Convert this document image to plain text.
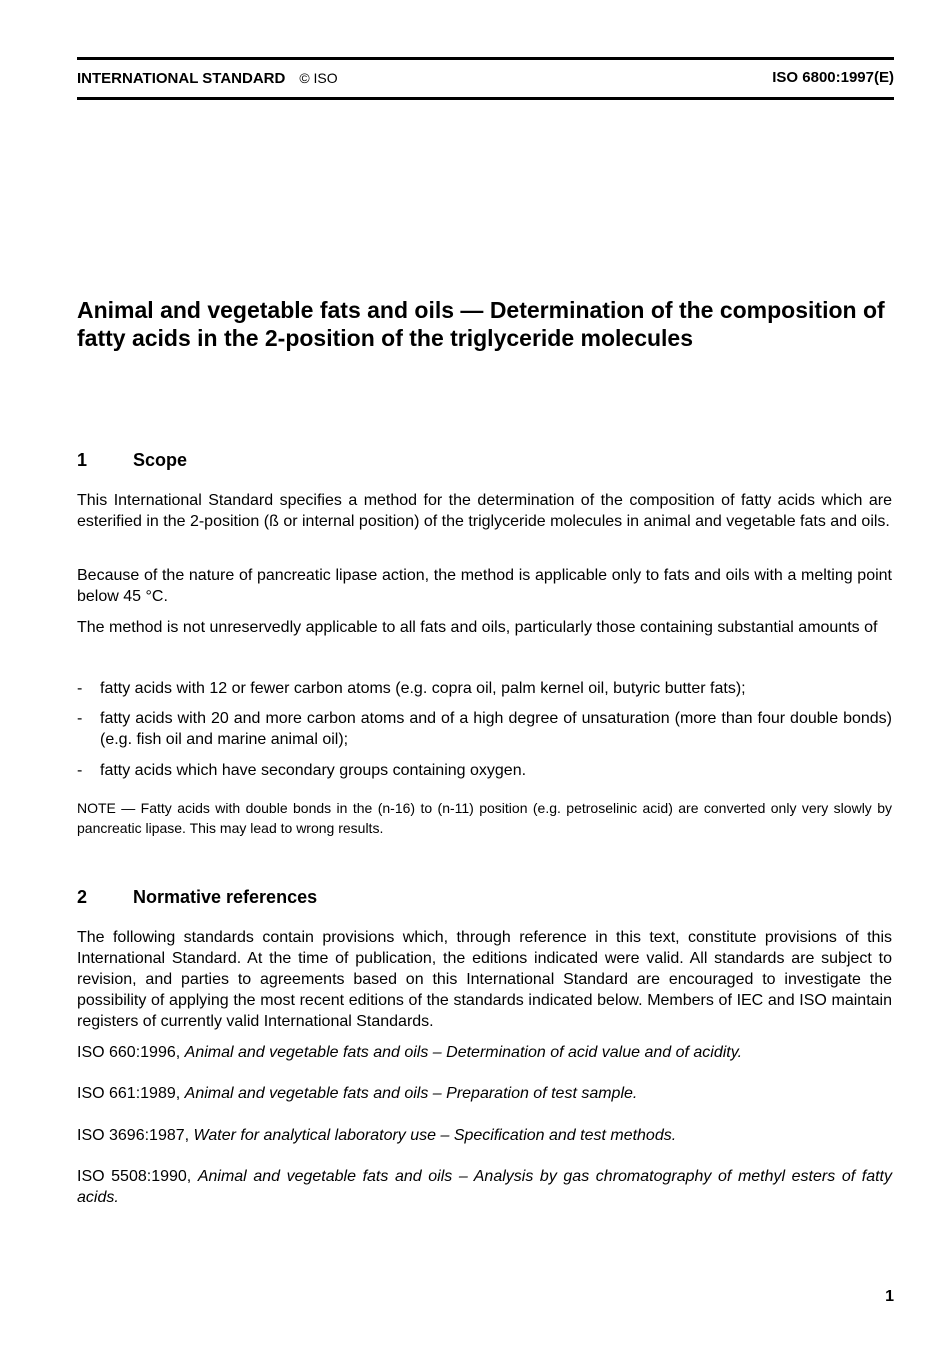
INTERNATIONAL STANDARD © ISO	ISO 6800:1997(E)
Animal and vegetable fats and oils — Determination of the composition of fatty acids in the 2-position of the triglyceride molecules
1	Scope

This International Standard specifies a method for the determination of the composition of fatty acids which are esterified in the 2-position (ß or internal position) of the triglyceride molecules in animal and vegetable fats and oils.

Because of the nature of pancreatic lipase action, the method is applicable only to fats and oils with a melting point below 45 °C.

The method is not unreservedly applicable to all fats and oils, particularly those containing substantial amounts of

- fatty acids with 12 or fewer carbon atoms (e.g. copra oil, palm kernel oil, butyric butter fats);
- fatty acids with 20 and more carbon atoms and of a high degree of unsaturation (more than four double bonds) (e.g. fish oil and marine animal oil);
- fatty acids which have secondary groups containing oxygen.

NOTE — Fatty acids with double bonds in the (n-16) to (n-11) position (e.g. petroselinic acid) are converted only very slowly by pancreatic lipase. This may lead to wrong results.

2	Normative references

The following standards contain provisions which, through reference in this text, constitute provisions of this International Standard. At the time of publication, the editions indicated were valid. All standards are subject to revision, and parties to agreements based on this International Standard are encouraged to investigate the possibility of applying the most recent editions of the standards indicated below. Members of IEC and ISO maintain registers of currently valid International Standards.

ISO 660:1996, Animal and vegetable fats and oils – Determination of acid value and of acidity.

ISO 661:1989, Animal and vegetable fats and oils – Preparation of test sample.

ISO 3696:1987, Water for analytical laboratory use – Specification and test methods.

ISO 5508:1990, Animal and vegetable fats and oils – Analysis by gas chromatography of methyl esters of fatty acids.

1
